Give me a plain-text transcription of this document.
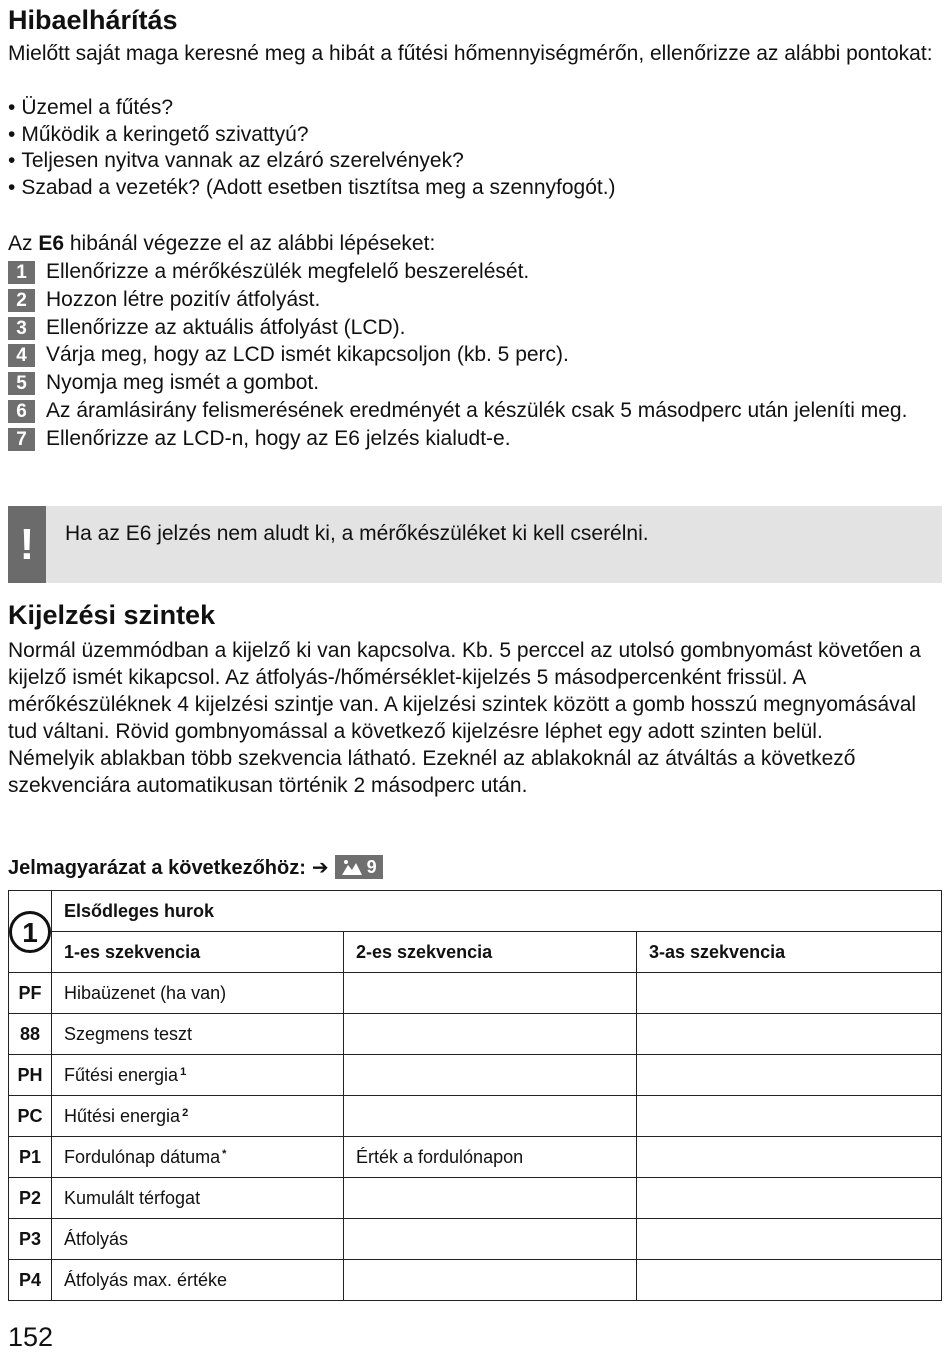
Hibaelhárítás

Mielőtt saját maga keresné meg a hibát a fűtési hőmennyiségmérőn, ellenőrizze az alábbi pontokat:

• Üzemel a fűtés?
• Működik a keringető szivattyú?
• Teljesen nyitva vannak az elzáró szerelvények?
• Szabad a vezeték? (Adott esetben tisztítsa meg a szennyfogót.)

Az E6 hibánál végezze el az alábbi lépéseket:

1 Ellenőrizze a mérőkészülék megfelelő beszerelését.
2 Hozzon létre pozitív átfolyást.
3 Ellenőrizze az aktuális átfolyást (LCD).
4 Várja meg, hogy az LCD ismét kikapcsoljon (kb. 5 perc).
5 Nyomja meg ismét a gombot.
6 Az áramlásirány felismerésének eredményét a készülék csak 5 másodperc után jeleníti meg.
7 Ellenőrizze az LCD-n, hogy az E6 jelzés kialudt-e.
!	Ha az E6 jelzés nem aludt ki, a mérőkészüléket ki kell cserélni.
Kijelzési szintek

Normál üzemmódban a kijelző ki van kapcsolva. Kb. 5 perccel az utolsó gombnyomást követően a kijelző ismét kikapcsol. Az átfolyás-/hőmérséklet-kijelzés 5 másodpercenként frissül. A mérőkészüléknek 4 kijelzési szintje van. A kijelzési szintek között a gomb hosszú megnyomásával tud váltani. Rövid gombnyomással a következő kijelzésre léphet egy adott szinten belül.

Némelyik ablakban több szekvencia látható. Ezeknél az ablakoknál az átváltás a következő szekvenciára automatikusan történik 2 másodperc után.

Jelmagyarázat a következőhöz: ➔ 9
1	Elsődleges hurok		
	1-es szekvencia	2-es szekvencia	3-as szekvencia
PF	Hibaüzenet (ha van)		
88	Szegmens teszt		
PH	Fűtési energia $^1$		
PC	Hűtési energia $^2$		
P1	Fordulónap dátuma *	Érték a fordulónapon	
P2	Kumulált térfogat		
P3	Átfolyás		
P4	Átfolyás max. értéke		
152
